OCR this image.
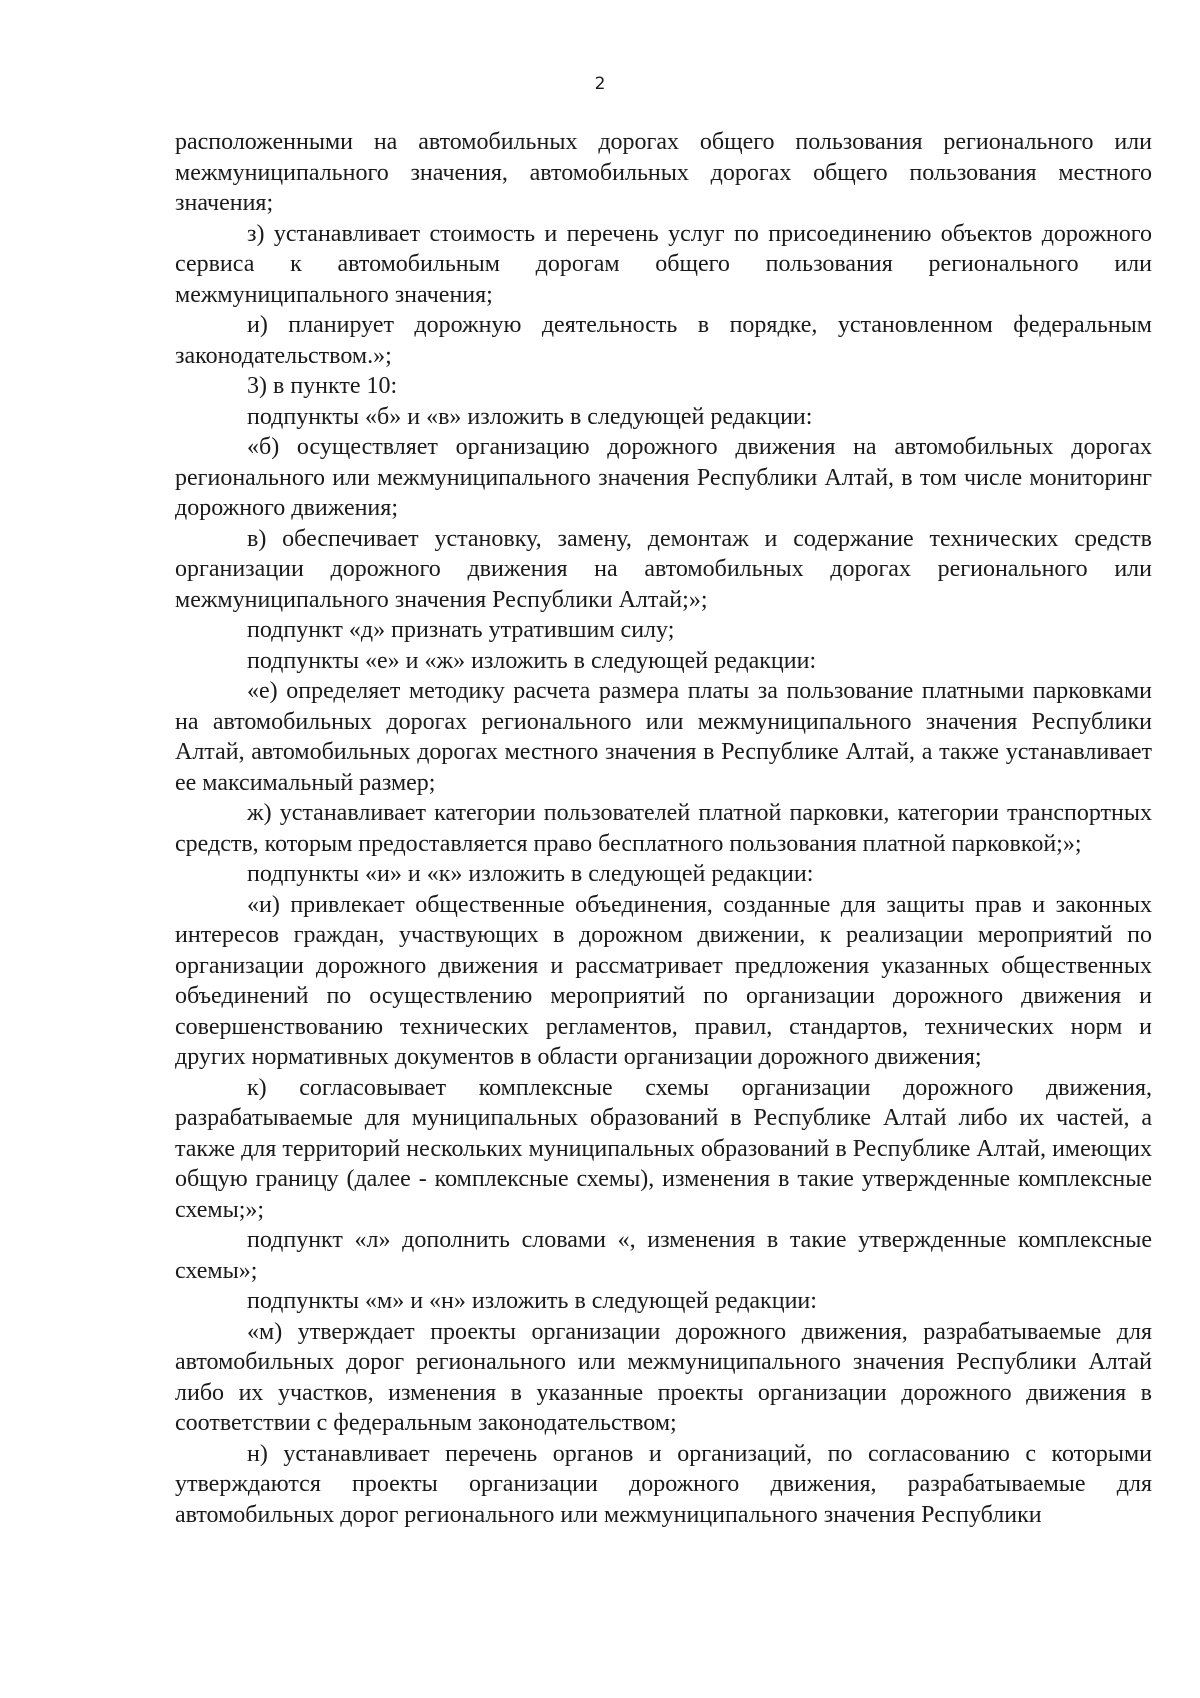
2

расположенными на автомобильных дорогах общего пользования регионального или межмуниципального значения, автомобильных дорогах общего пользования местного значения;

з) устанавливает стоимость и перечень услуг по присоединению объектов дорожного сервиса к автомобильным дорогам общего пользования регионального или межмуниципального значения;

и) планирует дорожную деятельность в порядке, установленном федеральным законодательством.»;

3) в пункте 10:

подпункты «б» и «в» изложить в следующей редакции:

«б) осуществляет организацию дорожного движения на автомобильных дорогах регионального или межмуниципального значения Республики Алтай, в том числе мониторинг дорожного движения;

в) обеспечивает установку, замену, демонтаж и содержание технических средств организации дорожного движения на автомобильных дорогах регионального или межмуниципального значения Республики Алтай;»;

подпункт «д» признать утратившим силу;

подпункты «е» и «ж» изложить в следующей редакции:

«е) определяет методику расчета размера платы за пользование платными парковками на автомобильных дорогах регионального или межмуниципального значения Республики Алтай, автомобильных дорогах местного значения в Республике Алтай, а также устанавливает ее максимальный размер;

ж) устанавливает категории пользователей платной парковки, категории транспортных средств, которым предоставляется право бесплатного пользования платной парковкой;»;

подпункты «и» и «к» изложить в следующей редакции:

«и) привлекает общественные объединения, созданные для защиты прав и законных интересов граждан, участвующих в дорожном движении, к реализации мероприятий по организации дорожного движения и рассматривает предложения указанных общественных объединений по осуществлению мероприятий по организации дорожного движения и совершенствованию технических регламентов, правил, стандартов, технических норм и других нормативных документов в области организации дорожного движения;

к) согласовывает комплексные схемы организации дорожного движения, разрабатываемые для муниципальных образований в Республике Алтай либо их частей, а также для территорий нескольких муниципальных образований в Республике Алтай, имеющих общую границу (далее - комплексные схемы), изменения в такие утвержденные комплексные схемы;»;

подпункт «л» дополнить словами «, изменения в такие утвержденные комплексные схемы»;

подпункты «м» и «н» изложить в следующей редакции:

«м) утверждает проекты организации дорожного движения, разрабатываемые для автомобильных дорог регионального или межмуниципального значения Республики Алтай либо их участков, изменения в указанные проекты организации дорожного движения в соответствии с федеральным законодательством;

н) устанавливает перечень органов и организаций, по согласованию с которыми утверждаются проекты организации дорожного движения, разрабатываемые для автомобильных дорог регионального или межмуниципального значения Республики
